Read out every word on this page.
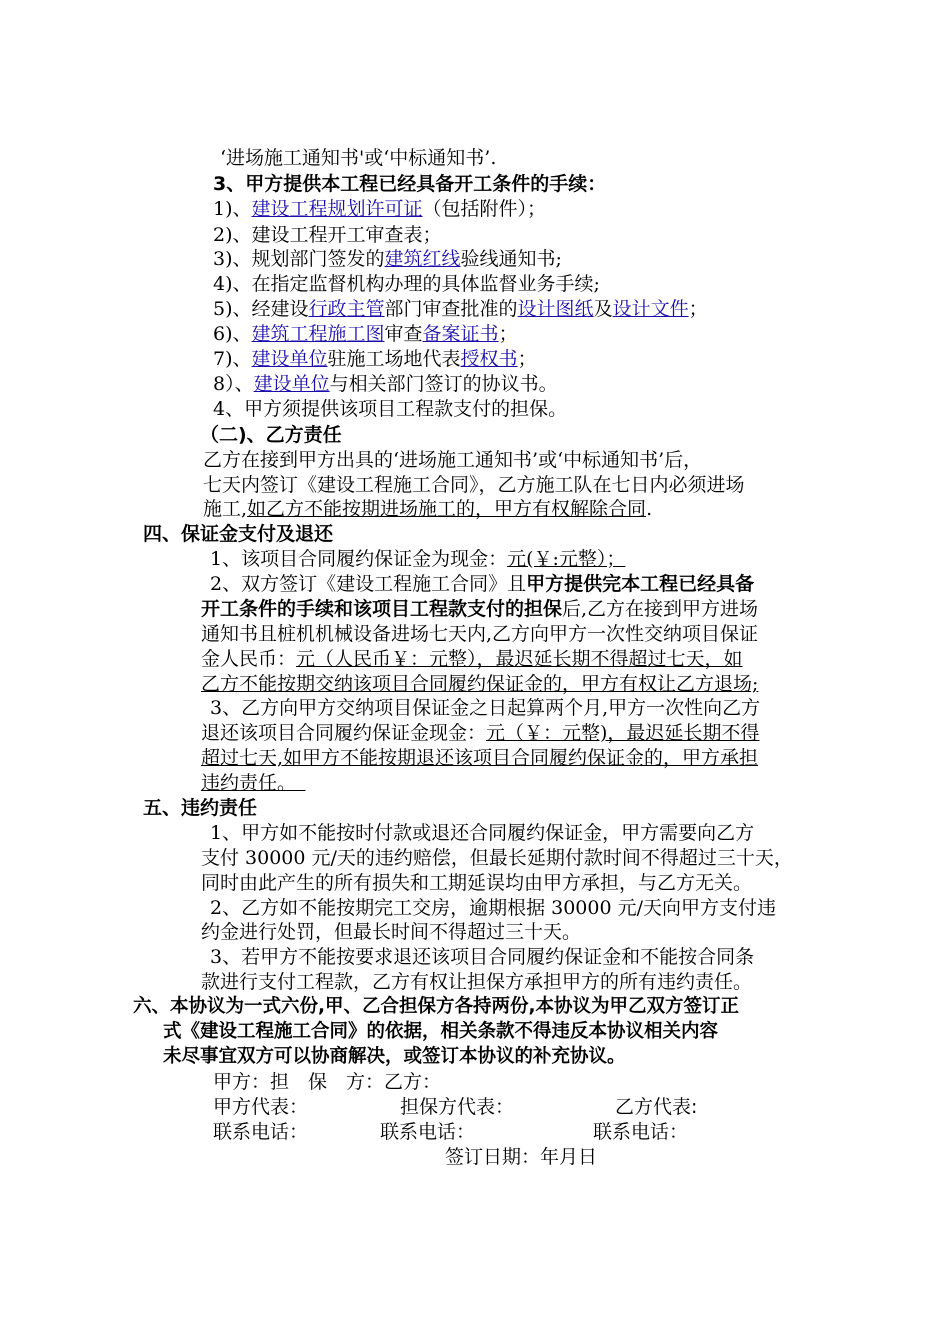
‘进场施工通知书'或‘中标通知书’.
3、甲方提供本工程已经具备开工条件的手续：
1)、建设工程规划许可证（包括附件）；
2)、建设工程开工审查表；
3)、规划部门签发的建筑红线验线通知书;
4)、在指定监督机构办理的具体监督业务手续;
5)、经建设行政主管部门审查批准的设计图纸及设计文件；
6)、建筑工程施工图审查备案证书；
7)、建设单位驻施工场地代表授权书；
8）、建设单位与相关部门签订的协议书。
4、甲方须提供该项目工程款支付的担保。
（二)、乙方责任
乙方在接到甲方出具的‘进场施工通知书’或‘中标通知书’后，
七天内签订《建设工程施工合同》，乙方施工队在七日内必须进场
施工,如乙方不能按期进场施工的，甲方有权解除合同.
四、保证金支付及退还
1、该项目合同履约保证金为现金：元(￥:元整）；
2、双方签订《建设工程施工合同》且甲方提供完本工程已经具备
开工条件的手续和该项目工程款支付的担保后,乙方在接到甲方进场
通知书且桩机机械设备进场七天内,乙方向甲方一次性交纳项目保证
金人民币：元（人民币￥：元整），最迟延长期不得超过七天，如
乙方不能按期交纳该项目合同履约保证金的，甲方有权让乙方退场;
3、乙方向甲方交纳项目保证金之日起算两个月,甲方一次性向乙方
退还该项目合同履约保证金现金：元（￥：元整)，最迟延长期不得
超过七天,如甲方不能按期退还该项目合同履约保证金的，甲方承担
违约责任。　
五、违约责任
1、甲方如不能按时付款或退还合同履约保证金，甲方需要向乙方
支付 30000 元/天的违约赔偿，但最长延期付款时间不得超过三十天，
同时由此产生的所有损失和工期延误均由甲方承担，与乙方无关。
2、乙方如不能按期完工交房，逾期根据 30000 元/天向甲方支付违
约金进行处罚，但最长时间不得超过三十天。
3、若甲方不能按要求退还该项目合同履约保证金和不能按合同条
款进行支付工程款，乙方有权让担保方承担甲方的所有违约责任。
六、本协议为一式六份,甲、乙合担保方各持两份,本协议为甲乙双方签订正
式《建设工程施工合同》的依据，相关条款不得违反本协议相关内容
未尽事宜双方可以协商解决，或签订本协议的补充协议。
甲方：担　保　方：乙方：
甲方代表：	担保方代表：	乙方代表:
联系电话：	联系电话：	联系电话：
签订日期：年月日
